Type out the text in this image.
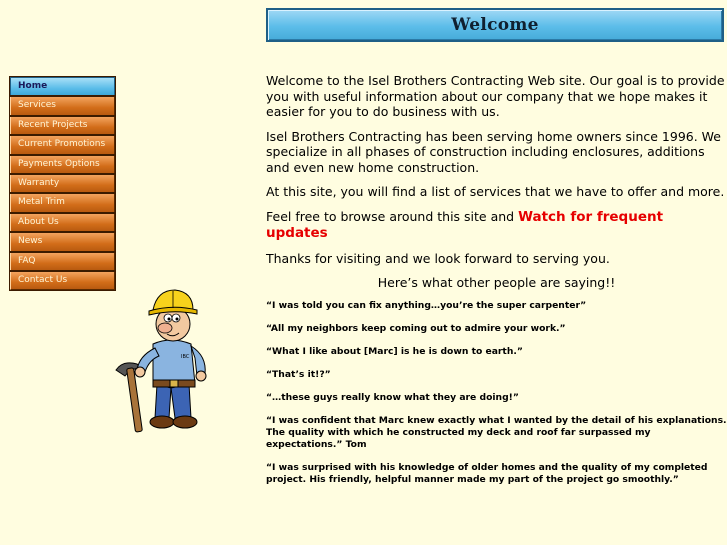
Welcome
Home
Services
Recent Projects
Current Promotions
Payments Options
Warranty
Metal Trim
About Us
News
FAQ
Contact Us
IBC

Welcome to the Isel Brothers Contracting Web site. Our goal is to provide you with useful information about our company that we hope makes it easier for you to do business with us.

Isel Brothers Contracting has been serving home owners since 1996. We specialize in all phases of construction including enclosures, additions and even new home construction.

At this site, you will find a list of services that we have to offer and more.

Feel free to browse around this site and Watch for frequent updates

Thanks for visiting and we look forward to serving you.

Here’s what other people are saying!!

“I was told you can fix anything…you’re the super carpenter”

“All my neighbors keep coming out to admire your work.”

“What I like about [Marc] is he is down to earth.”

“That’s it!?”

“…these guys really know what they are doing!”

“I was confident that Marc knew exactly what I wanted by the detail of his explanations. The quality with which he constructed my deck and roof far surpassed my expectations.” Tom

“I was surprised with his knowledge of older homes and the quality of my completed project. His friendly, helpful manner made my part of the project go smoothly.”
